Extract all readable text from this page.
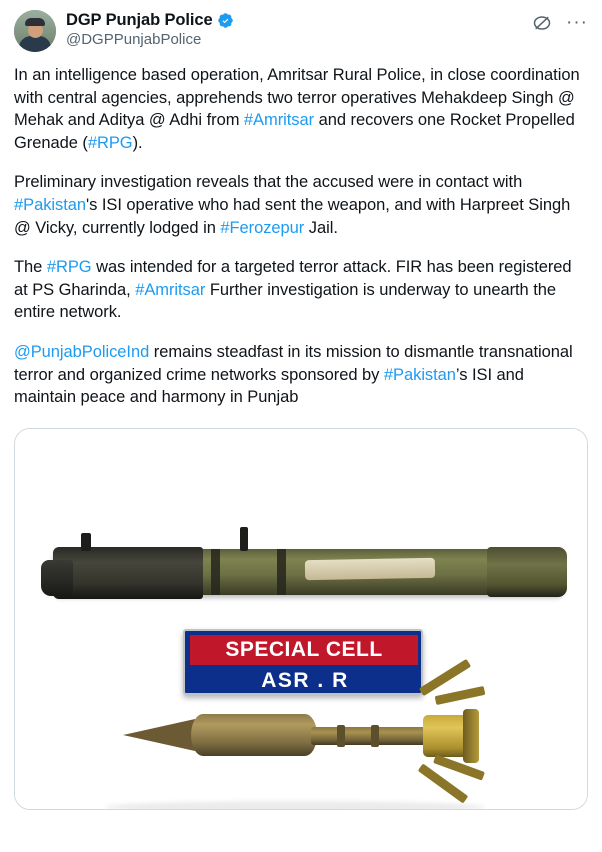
DGP Punjab Police
@DGPPunjabPolice
···

In an intelligence based operation, Amritsar Rural Police, in close coordination with central agencies, apprehends two terror operatives Mehakdeep Singh @ Mehak and Aditya @ Adhi from #Amritsar and recovers one Rocket Propelled Grenade (#RPG).

Preliminary investigation reveals that the accused were in contact with #Pakistan's ISI operative who had sent the weapon, and with Harpreet Singh @ Vicky, currently lodged in #Ferozepur Jail.

The #RPG was intended for a targeted terror attack. FIR has been registered at PS Gharinda, #Amritsar Further investigation is underway to unearth the entire network.

@PunjabPoliceInd remains steadfast in its mission to dismantle transnational terror and organized crime networks sponsored by #Pakistan’s ISI and maintain peace and harmony in Punjab

SPECIAL CELL
ASR . R
